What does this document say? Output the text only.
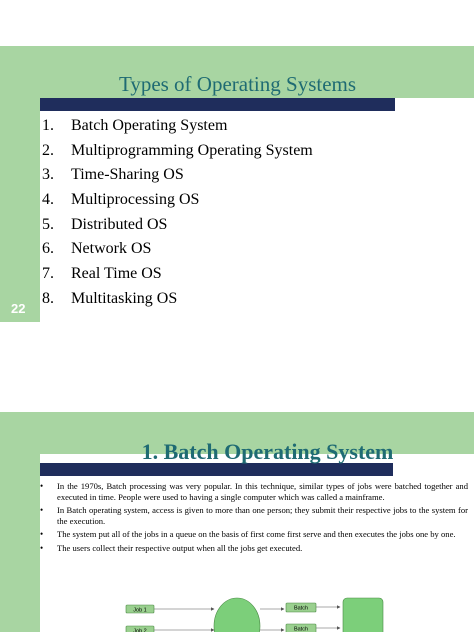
Types of Operating Systems
1.	Batch Operating System
2.	Multiprogramming Operating System
3.	Time-Sharing OS
4.	Multiprocessing OS
5.	Distributed OS
6.	Network OS
7.	Real Time OS
8.	Multitasking OS
22
1. Batch Operating System
•	In the 1970s, Batch processing was very popular. In this technique, similar types of jobs were batched together and executed in time. People were used to having a single computer which was called a mainframe.
•	In Batch operating system, access is given to more than one person; they submit their respective jobs to the system for the execution.
•	The system put all of the jobs in a queue on the basis of first come first serve and then executes the jobs one by one.
•	The users collect their respective output when all the jobs get executed.
Job 1
Job 2
Batch
Batch
